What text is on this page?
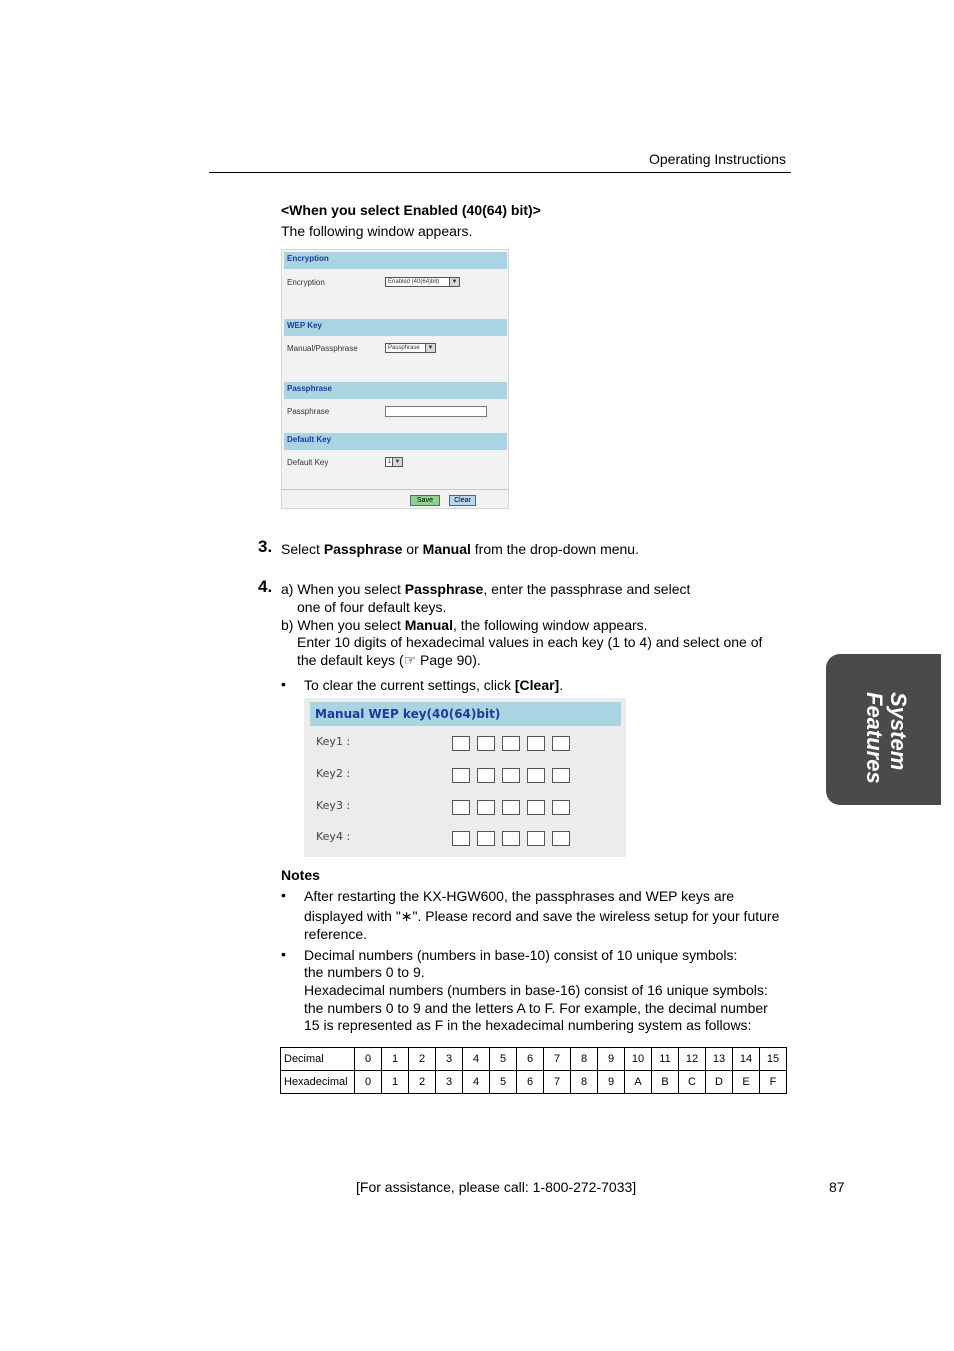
Operating Instructions
<When you select Enabled (40(64) bit)>
The following window appears.
Encryption
Encryption	Enabled (40(64)bit)	▼
WEP Key
Manual/Passphrase	Passphrase	▼
Passphrase
Passphrase
Default Key
Default Key	1 ▼
Save	Clear
3. Select Passphrase or Manual from the drop-down menu.
4. a) When you select Passphrase, enter the passphrase and select
one of four default keys.
b) When you select Manual, the following window appears.
Enter 10 digits of hexadecimal values in each key (1 to 4) and select one of
the default keys (☞ Page 90).
• To clear the current settings, click [Clear].
Manual WEP key(40(64)bit)
Key1 :
Key2 :
Key3 :
Key4 :
System
Features
Notes
• After restarting the KX-HGW600, the passphrases and WEP keys are
displayed with "∗". Please record and save the wireless setup for your future
reference.
• Decimal numbers (numbers in base-10) consist of 10 unique symbols:
the numbers 0 to 9.
Hexadecimal numbers (numbers in base-16) consist of 16 unique symbols:
the numbers 0 to 9 and the letters A to F. For example, the decimal number
15 is represented as F in the hexadecimal numbering system as follows:
Decimal	0	1	2	3	4	5	6	7	8	9	10	11	12	13	14	15
Hexadecimal	0	1	2	3	4	5	6	7	8	9	A	B	C	D	E	F
[For assistance, please call: 1-800-272-7033]	87
